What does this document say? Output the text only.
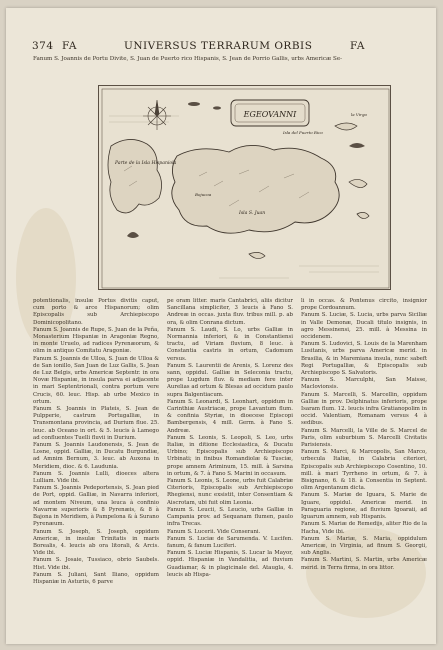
374 FA	UNIVERSUS TERRARUM ORBIS	FA
Fanum S. Joannis de Portu Divite, S. Juan de Puerto rico Hispanis, S. Jean de Porrio Gallis, urbs Americæ Se-
EGEOVANNI
Parte de la Isla Hispaniola
Isla S. Juan
Bojucoa
Isla del Puerto Rico
la Virgo

potentionalis, insulæ Portus divitis caput, cum porto & arce Hispanorum; olim Episcopalis sub Archiepiscopo Dominicopolitano.

Fanum S. Joannis de Rupe, S. Juan de la Peña, Monasterium Hispaniæ in Aragoniæ Regno, in monte Uruelo, ad radices Pyrenæorum, & olim in antiquo Comitatu Aragoniæ.

Fanum S. Joannis de Ulloa, S. Juan de Ulloa & de San ionillo, San Juan de Luz Gallis, S. Jean de Luz Belgis, urbs Americæ Septentr. in ora Novæ Hispaniæ, in insula parva ei adjacente in mari Septentrionali, contra portum vere Crucis, 60. leuc. Hisp. ab urbe Mexico in ortum.

Fanum S. Joannis in Plateis, S. Jean de Pulpperie, castrum Portugalliæ, in Transmontana provincia, ad Durium flue. 25. leuc. ab Oceano in ort. & 5. leucis à Lamego ad confluentes Tuelli fluvii in Durium.

Fanum S. Joannis Laudonensis, S. Jean de Losne, oppid. Galliæ, in Ducatu Burgundiæ, ad Amnim Bernum, 3. leuc. ab Auxona in Meridiem, dioc. & 6. Laudunia.

Fanum S. Joannis Lulli, dioeces altera Lulliam. Vide ibi.

Fanum S. Joannis Pedeportensis, S. Jean pied de Port, oppid. Galliæ, in Navarra inferiori, ad montem Niveum, una leuca à confinio Navarræ superioris & 8 Pyrenæis, & 8 à Bajona in Meridiem, à Pampelona & à Surano Pyrenæum.

Fanum S. Joseph, S. Joseph, oppidum Americæ, in insulæ Trinitatis in maris Borealis, 4. leucis ab ora litorali, & Arcis. Vide ibi.

Fanum S. Josaie, Tussiaco, obrio Saubels. Hist. Vide ibi.

Fanum S. Juliani, Sant Iliano, oppidum Hispaniæ in Asturiis, 6 parve

pe oram litter. maris Cantabrici, aliis dicitur Sancillana simpliciter, 3 leucis à Fano S. Andreæ in occas. juxta fluv. tribus mill. p. ab ora, & olim Conrana dictum.

Fanum S. Laudi, S. Lo, urbs Galliæ in Normannia inferiori, & in Constantiensi tractu, ad Viriam fluvium, 8 leuc. à Constantia castris in ortum, Cadomum versus.

Fanum S. Laurentii de Arenis, S. Lorenz des sann, oppidul. Galliæ in Seleconia tractu, prope Lugdum fluv. & mediam fere inter Aurelias ad ortum & Blesas ad occidum paulo supra Balgentiacum.

Fanum S. Leonardi, S. Leonhart, oppidum in Carinthiæ Austriacæ, prope Lavantum flum. & confinia Styriæ, in dioecese Episcopi Bambergensis, 4 mill. Germ. à Fano S. Andreæ.

Fanum S. Leonis, S. Leopoli, S. Leo, urbs Italiæ, in ditione Ecclesiastica, & Ducatu Urbino; Episcopalis sub Archiepiscopo Urbinati; in finibus Romandiolæ & Tusciæ, prope amnem Ariminum, 15. mill. à Sarsina in ortum, & 7. à Fano S. Marini in occasum.

Fanum S. Leonis, S. Leone, urbs fuit Calabriæ Citerioris, Episcopalis sub Archiepiscopo Rhegiensi, nunc exsistit, inter Consentiam & Aiscrotam, ubi fuit olim Leonia.

Fanum S. Leucii, S. Leucio, urbs Galliæ in Campania prov. ad Sequanam flumen, paulo infra Trecas.

Fanum S. Lucerii. Vide Conserani.

Fanum S. Luciæ de Sarumenda. V. Lucifen. fanum, & fanum Luciferi.

Fanum S. Luciæ Hispanis, S. Lucar la Mayor, oppid. Hispaniæ in Vandalitia, ad fluvium Guadiamar, & in plagicinale del. Ataugla, 4. leucis ab Hispa-

li in occas. & Pontenus circito, insignior prope Cordoannum.

Fanum S. Luciæ, S. Lucia, urbs parva Siciliæ in Valle Demonæ, Ducali titulo insignis, in agro Messinensi, 25. mill. à Messina in occidenem.

Fanum S. Ludovici, S. Louis de la Marenham Lusitanis, urbs parva Americæ merid. in Brasilia, & in Maremiana insula, nunc sabeft Regi Portugalliæ, & Episcopalis sub Archiepiscopo S. Salvatoris.

Fanum S. Marculphi, San Maisse, Maclovionsis.

Fanum S. Marcelli, S. Marcellin, oppidum Galliæ in prov. Delphinatus inferioris, prope Isaram flum. 12. leucis infra Gratianopolim in occid. Valentiam, Romanam versus 4 à sedibus.

Fanum S. Marcelli, la Ville de S. Marcel de Paris, olim suburbium S. Marcelli Civitatis Parisiensis.

Fanum S. Marci, & Marcopolis, San Marco, urbecula Italiæ, in Calabria citeriori, Episcopalis sub Archiepiscopo Cosentino, 10. mill. à mari Tyrrheno in ortum, & 7. à Bisignano, 6. & 18. à Consentia in Septent. olim Argentanum dicta.

Fanum S. Mariæ de Iguara, S. Marie de Iguare, oppidul. Americæ merid. in Paraguaria regione, ad fluvium Igoaraii, ad Iguarum amnem, sub Hispanis.

Fanum S. Mariæ de Remedijs, aliter Rio de la Hacha, Vide ibi.

Fanum S. Mariæ, S. Maria, oppidulum Americæ, in Virginia, ad finum S. Georgii, sub Anglis.

Fanum S. Martini, S. Martin, urbs Americæ merid. in Terra firma, in ora littor.
